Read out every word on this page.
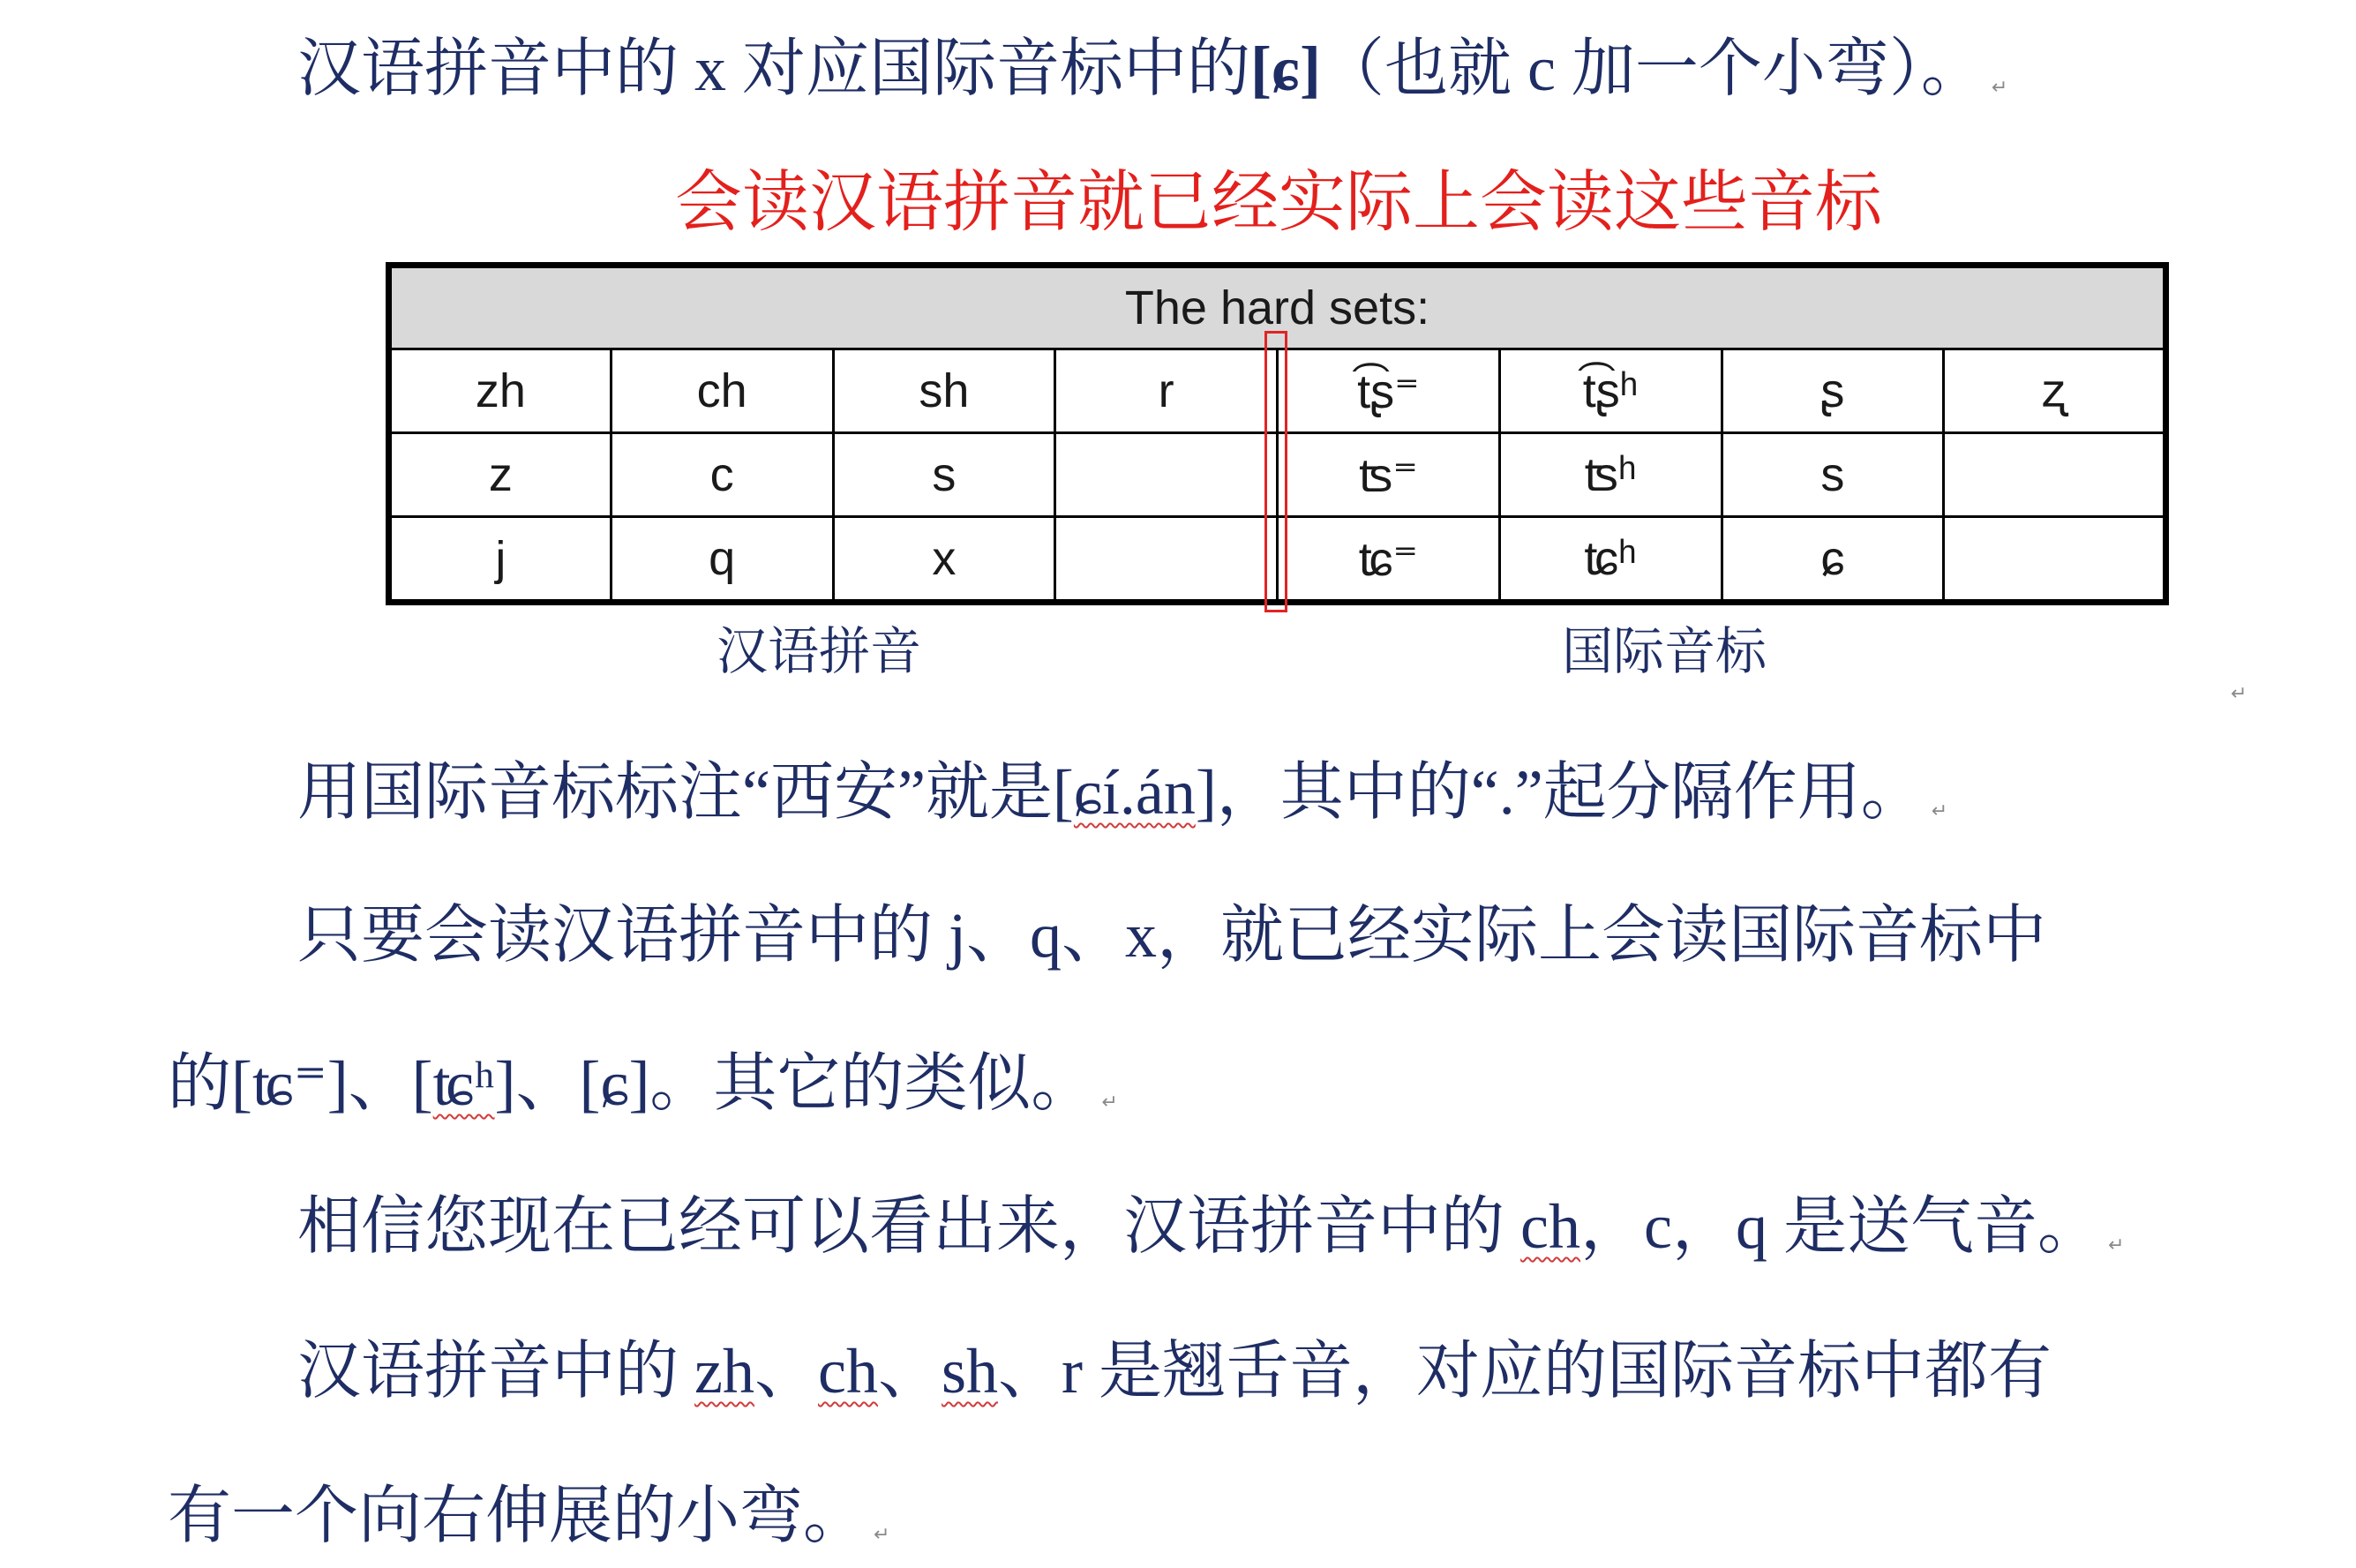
汉语拼音中的 x 对应国际音标中的[ɕ]（也就 c 加一个小弯）。 ↵
会读汉语拼音就已经实际上会读这些音标
The hard sets:							
zh	ch	sh	r	t͡ʂ⁼	t͡ʂʰ	ʂ	ʐ
z	c	s		ʦ⁼	ʦʰ	s	
j	q	x		ʨ⁼	ʨʰ	ɕ	
汉语拼音	国际音标
↵
用国际音标标注“西安”就是[ɕí.án]，其中的“.”起分隔作用。 ↵
只要会读汉语拼音中的 j、q、x，就已经实际上会读国际音标中
的[ʨ⁼]、[ʨʰ]、[ɕ]。其它的类似。 ↵
相信您现在已经可以看出来，汉语拼音中的 ch，c，q 是送气音。 ↵
汉语拼音中的 zh、ch、sh、r 是翘舌音，对应的国际音标中都有
有一个向右伸展的小弯。 ↵
